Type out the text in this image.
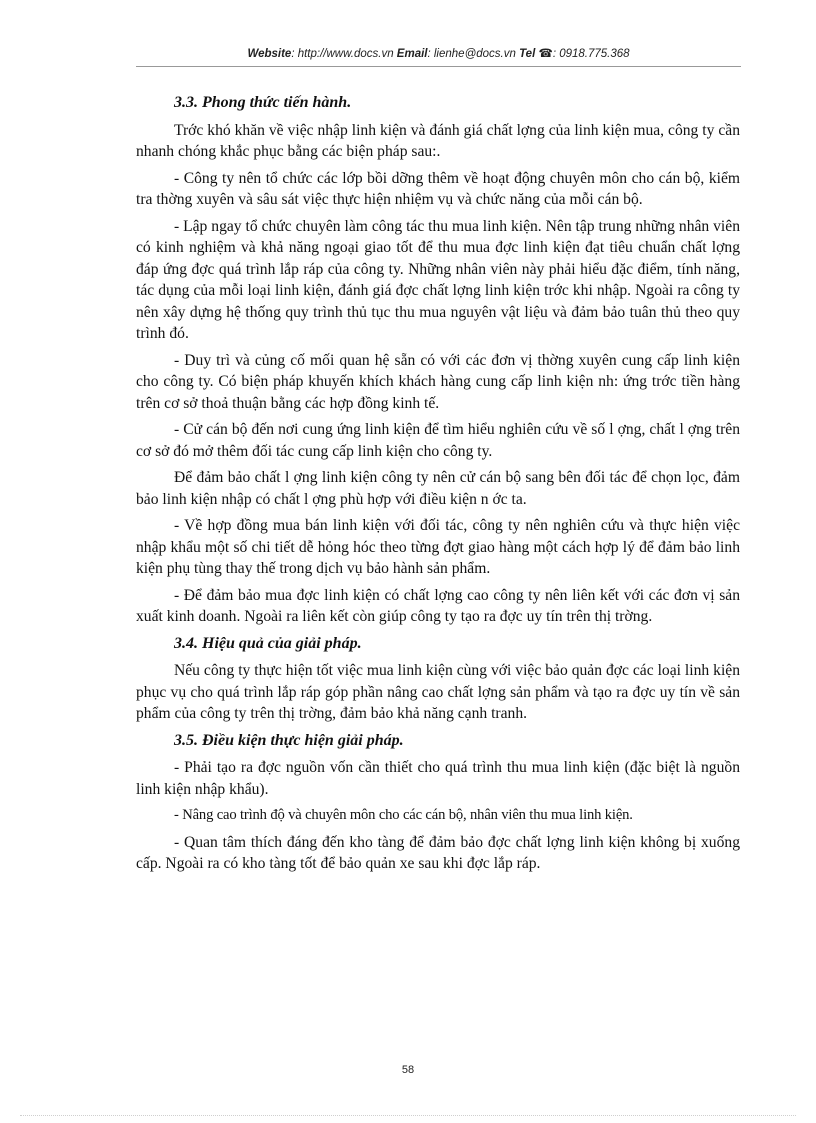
Website: http://www.docs.vn Email: lienhe@docs.vn Tel ☎: 0918.775.368
3.3. Phong thức tiến hành.

Trớc khó khăn về việc nhập linh kiện và đánh giá chất lợng của linh kiện mua, công ty cần nhanh chóng khắc phục bằng các biện pháp sau:.

- Công ty nên tổ chức các lớp bồi dỡng thêm về hoạt động chuyên môn cho cán bộ, kiểm tra thờng xuyên và sâu sát việc thực hiện nhiệm vụ và chức năng của mỗi cán bộ.

- Lập ngay tổ chức chuyên làm công tác thu mua linh kiện. Nên tập trung những nhân viên có kinh nghiệm và khả năng ngoại giao tốt để thu mua đợc linh kiện đạt tiêu chuẩn chất lợng đáp ứng đợc quá trình lắp ráp của công ty. Những nhân viên này phải hiểu đặc điểm, tính năng, tác dụng của mỗi loại linh kiện, đánh giá đợc chất lợng linh kiện trớc khi nhập. Ngoài ra công ty nên xây dựng hệ thống quy trình thủ tục thu mua nguyên vật liệu và đảm bảo tuân thủ theo quy trình đó.

- Duy trì và củng cố mối quan hệ sẵn có với các đơn vị thờng xuyên cung cấp linh kiện cho công ty. Có biện pháp khuyến khích khách hàng cung cấp linh kiện nh: ứng trớc tiền hàng trên cơ sở thoả thuận bằng các hợp đồng kinh tế.

- Cử cán bộ đến nơi cung ứng linh kiện để tìm hiểu nghiên cứu về số l ợng, chất l ợng trên cơ sở đó mở thêm đối tác cung cấp linh kiện cho công ty.

Để đảm bảo chất l ợng linh kiện công ty nên cử cán bộ sang bên đối tác để chọn lọc, đảm bảo linh kiện nhập có chất l ợng phù hợp với điều kiện n ớc ta.

- Về hợp đồng mua bán linh kiện với đối tác, công ty nên nghiên cứu và thực hiện việc nhập khẩu một số chi tiết dễ hỏng hóc theo từng đợt giao hàng một cách hợp lý để đảm bảo linh kiện phụ tùng thay thế trong dịch vụ bảo hành sản phẩm.

- Để đảm bảo mua đợc linh kiện có chất lợng cao công ty nên liên kết với các đơn vị sản xuất kinh doanh. Ngoài ra liên kết còn giúp công ty tạo ra đợc uy tín trên thị trờng.

3.4. Hiệu quả của giải pháp.

Nếu công ty thực hiện tốt việc mua linh kiện cùng với việc bảo quản đợc các loại linh kiện phục vụ cho quá trình lắp ráp góp phần nâng cao chất lợng sản phẩm và tạo ra đợc uy tín về sản phẩm của công ty trên thị trờng, đảm bảo khả năng cạnh tranh.

3.5. Điều kiện thực hiện giải pháp.

- Phải tạo ra đợc nguồn vốn cần thiết cho quá trình thu mua linh kiện (đặc biệt là nguồn linh kiện nhập khẩu).

- Nâng cao trình độ và chuyên môn cho các cán bộ, nhân viên thu mua linh kiện.

- Quan tâm thích đáng đến kho tàng để đảm bảo đợc chất lợng linh kiện không bị xuống cấp. Ngoài ra có kho tàng tốt để bảo quản xe sau khi đợc lắp ráp.

58
